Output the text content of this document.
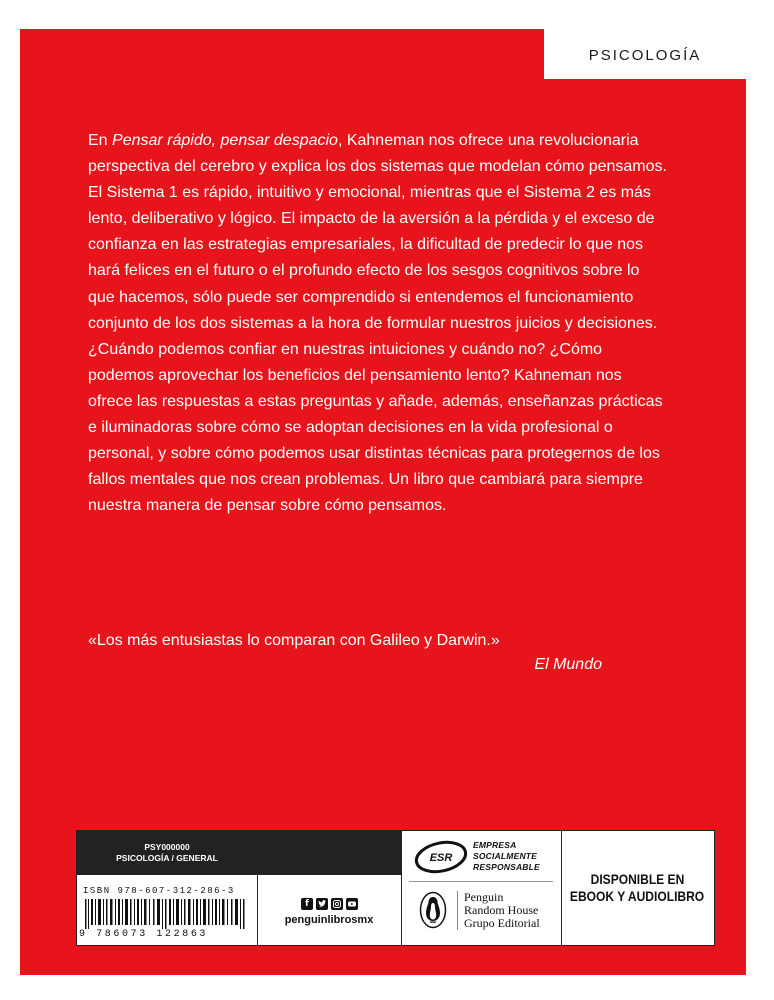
PSICOLOGÍA

En Pensar rápido, pensar despacio, Kahneman nos ofrece una revolucionaria perspectiva del cerebro y explica los dos sistemas que modelan cómo pensamos. El Sistema 1 es rápido, intuitivo y emocional, mientras que el Sistema 2 es más lento, deliberativo y lógico. El impacto de la aversión a la pérdida y el exceso de confianza en las estrategias empresariales, la dificultad de predecir lo que nos hará felices en el futuro o el profundo efecto de los sesgos cognitivos sobre lo que hacemos, sólo puede ser comprendido si entendemos el funcionamiento conjunto de los dos sistemas a la hora de formular nuestros juicios y decisiones. ¿Cuándo podemos confiar en nuestras intuiciones y cuándo no? ¿Cómo podemos aprovechar los beneficios del pensamiento lento? Kahneman nos ofrece las respuestas a estas preguntas y añade, además, enseñanzas prácticas e iluminadoras sobre cómo se adoptan decisiones en la vida profesional o personal, y sobre cómo podemos usar distintas técnicas para protegernos de los fallos mentales que nos crean problemas. Un libro que cambiará para siempre nuestra manera de pensar sobre cómo pensamos.

«Los más entusiastas lo comparan con Galileo y Darwin.»
El Mundo
PSY000000
PSICOLOGÍA / GENERAL
ISBN 978-607-312-286-3
9 786073 122863
f
penguinlibrosmx
ESR
EMPRESA
SOCIALMENTE
RESPONSABLE
Penguin
Random House
Grupo Editorial
DISPONIBLE EN
EBOOK Y AUDIOLIBRO
